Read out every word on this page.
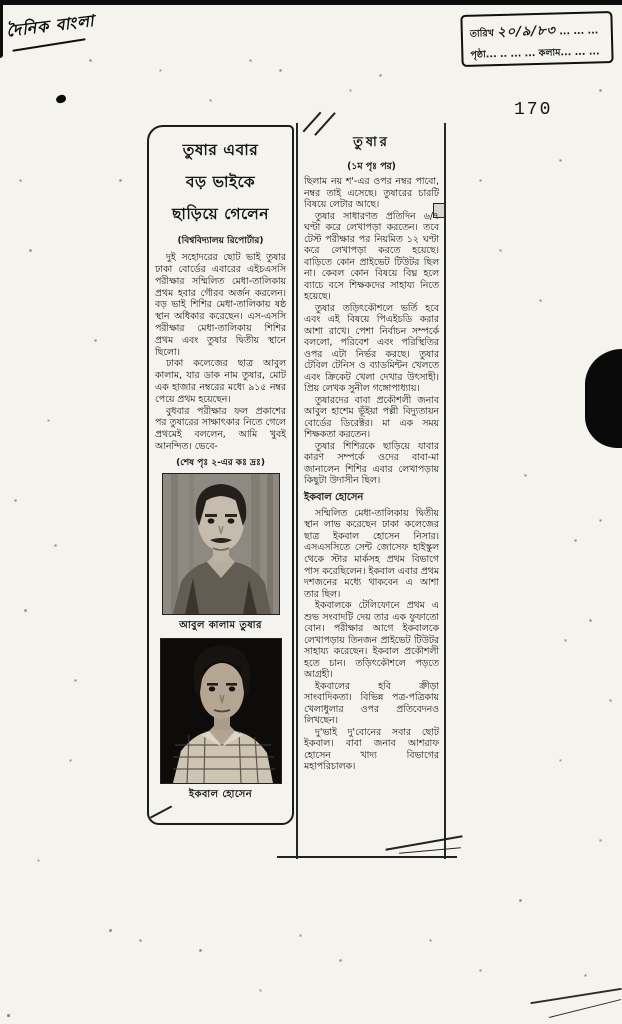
দৈনিক বাংলা	তারিখ ২০/৯/৮৩ ... ... ...
পৃষ্ঠা... .. ... ... কলাম... ... ...
170
তুষার এবার
বড় ভাইকে
ছাড়িয়ে গেলেন
(বিশ্ববিদ্যালয় রিপোর্টার)

দুই সহোদরের ছোট ভাই তুষার ঢাকা বোর্ডের এবারের এইচএসসি পরীক্ষার সম্মিলিত মেধা-তালিকায় প্রথম হবার গৌরব অর্জন করলেন। বড় ভাই শিশির মেধা-তালিকায় ষষ্ঠ স্থান অধিকার করেছেন। এস-এসসি পরীক্ষার মেধা-তালিকায় শিশির প্রথম এবং তুষার দ্বিতীয় স্থানে ছিলো।

ঢাকা কলেজের ছাত্র আবুল কালাম, যার ডাক নাম তুষার, মোট এক হাজার নম্বরের মধ্যে ৯১৫ নম্বর পেয়ে প্রথম হয়েছেন।

বুধবার পরীক্ষার ফল প্রকাশের পর তুষারের সাক্ষাৎকার নিতে গেলে প্রথমেই বললেন, আমি খুবই আনন্দিত। ভেবে-

(শেষ পৃঃ ২-এর কঃ দ্রঃ)
আবুল কালাম তুষার
ইকবাল হোসেন
তুষার
(১ম পৃঃ পর)

ছিলাম নয় শ'-এর ওপর নম্বর পাবো, নম্বর তাই এসেছে। তুষারের চারটি বিষয়ে লেটার আছে।

তুষার সাধারণত প্রতিদিন ৬/৭ ঘণ্টা করে লেখাপড়া করতেন। তবে টেস্ট পরীক্ষার পর নিয়মিত ১২ ঘণ্টা করে লেখাপড়া করতে হয়েছে। বাড়িতে কোন প্রাইভেট টিউটর ছিল না। কেবল কোন বিষয়ে বিঘ্ন হলে ব্যাচে বসে শিক্ষকদের সাহায্য নিতে হয়েছে।

তুষার তড়িৎকৌশলে ভর্তি হবে এবং এই বিষয়ে পিএইচডি করার আশা রাখে। পেশা নির্বাচন সম্পর্কে বললো, পরিবেশ এবং পরিস্থিতির ওপর এটা নির্ভর করছে। তুষার টেবিল টেনিস ও ব্যাডমিন্টন খেলতে এবং ক্রিকেট খেলা দেখার উৎসাহী। প্রিয় লেখক সুনীল গঙ্গোপাধ্যায়।

তুষারদের বাবা প্রকৌশলী জনাব আবুল হাশেম ভূঁইয়া পল্লী বিদ্যুতায়ন বোর্ডের ডিরেক্টর। মা এক সময় শিক্ষকতা করতেন।

তুষার শিশিরকে ছাড়িয়ে যাবার কারণ সম্পর্কে ওদের বাবা-মা জানালেন শিশির এবার লেখাপড়ায় কিছুটা উদাসীন ছিল।

ইকবাল হোসেন

সম্মিলিত মেধা-তালিকায় দ্বিতীয় স্থান লাভ করেছেন ঢাকা কলেজের ছাত্র ইকবাল হোসেন নিসার। এসএসসিতে সেন্ট জোসেফ হাইস্কুল থেকে স্টার মার্কসহ প্রথম বিভাগে পাস করেছিলেন। ইকবাল এবার প্রথম দশজনের মধ্যে থাকবেন এ আশা তার ছিল।

ইকবালকে টেলিফোনে প্রথম এ শুভ সংবাদটি দেয় তার এক ফুফাতো বোন। পরীক্ষার আগে ইকবালকে লেখাপড়ায় তিনজন প্রাইভেট টিউটর সাহায্য করেছেন। ইকবাল প্রকৌশলী হতে চান। তড়িৎকৌশলে পড়তে আগ্রহী।

ইকবালের হবি ক্রীড়া সাংবাদিকতা। বিভিন্ন পত্র-পত্রিকায় খেলাধুলার ওপর প্রতিবেদনও লিখছেন।

দু'ভাই দু'বোনের সবার ছোট ইকবাল। বাবা জনাব আশরাফ হোসেন খাদ্য বিভাগের মহাপরিচালক।
